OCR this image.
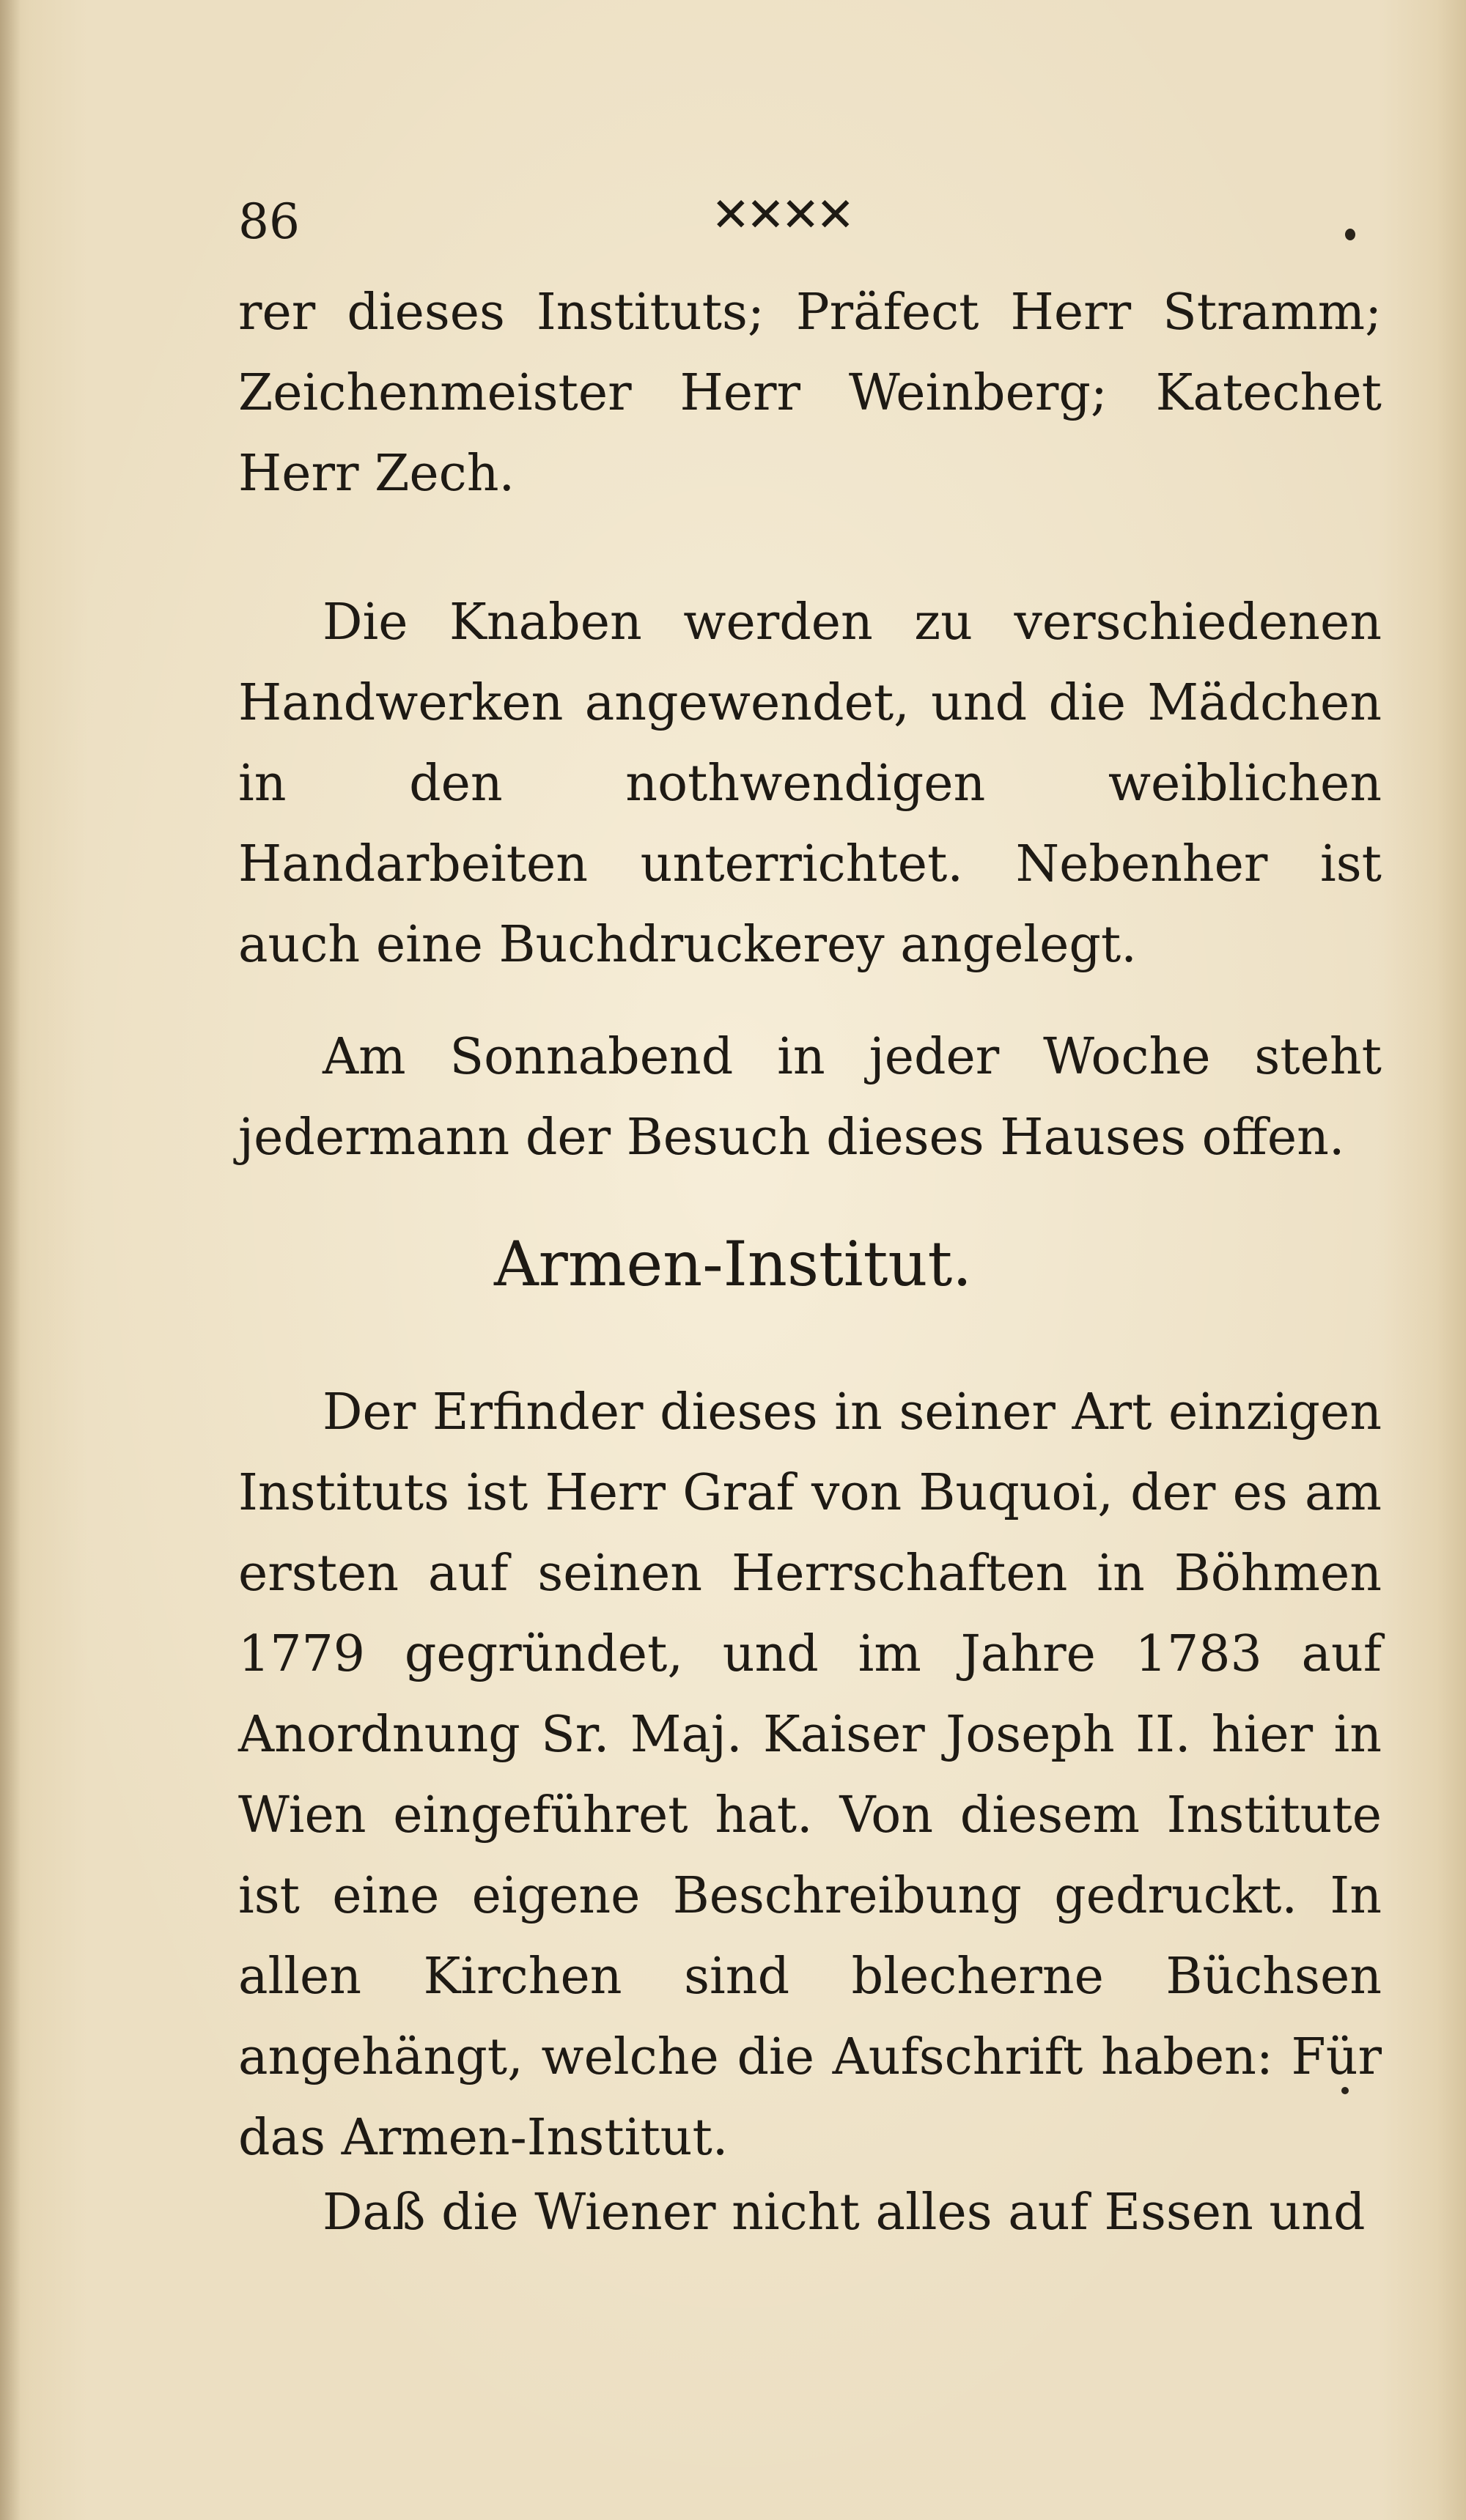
86	✕✕✕✕

rer dieses Instituts; Präfect Herr Stramm; Zeichenmeister Herr Weinberg; Katechet Herr Zech.

Die Knaben werden zu verschiedenen Handwerken angewendet, und die Mädchen in den nothwendigen weiblichen Handarbeiten unterrichtet. Nebenher ist auch eine Buchdruckerey angelegt.

Am Sonnabend in jeder Woche steht jedermann der Besuch dieses Hauses offen.

Armen-Institut.

Der Erfinder dieses in seiner Art einzigen Instituts ist Herr Graf von Buquoi, der es am ersten auf seinen Herrschaften in Böhmen 1779 gegründet, und im Jahre 1783 auf Anordnung Sr. Maj. Kaiser Joseph II. hier in Wien eingeführet hat. Von diesem Institute ist eine eigene Beschreibung gedruckt. In allen Kirchen sind blecherne Büchsen angehängt, welche die Aufschrift haben: Für das Armen-Institut.

Daß die Wiener nicht alles auf Essen und
